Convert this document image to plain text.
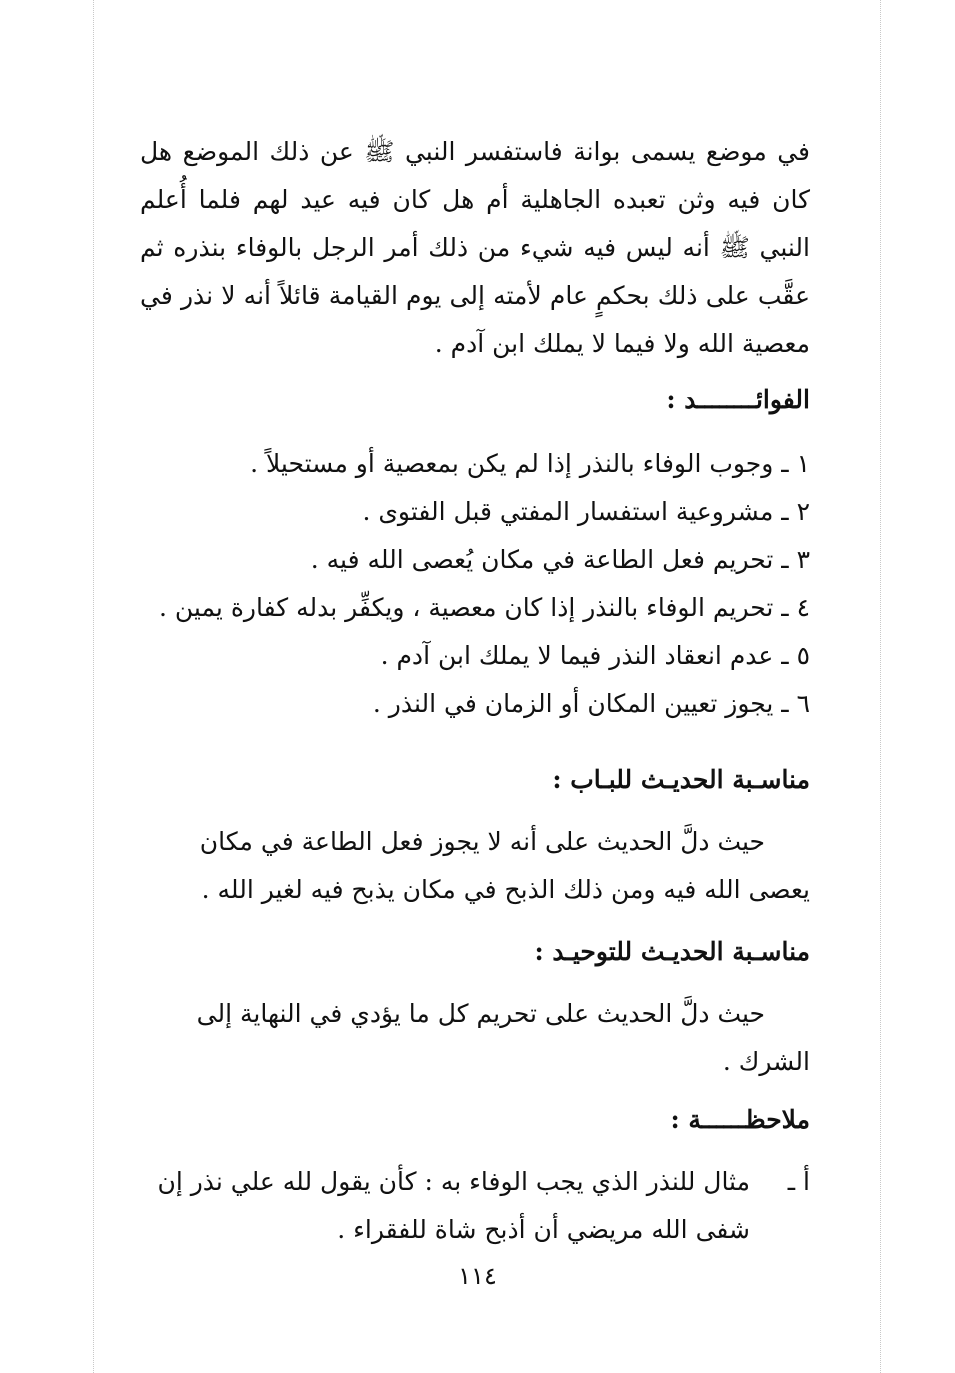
في موضع يسمى بوانة فاستفسر النبي ﷺ عن ذلك الموضع هل كان فيه وثن تعبده الجاهلية أم هل كان فيه عيد لهم فلما أُعلم النبي ﷺ أنه ليس فيه شيء من ذلك أمر الرجل بالوفاء بنذره ثم عقَّب على ذلك بحكمٍ عام لأمته إلى يوم القيامة قائلاً أنه لا نذر في معصية الله ولا فيما لا يملك ابن آدم .

الفوائــــــــد :
١ ـ وجوب الوفاء بالنذر إذا لم يكن بمعصية أو مستحيلاً .
٢ ـ مشروعية استفسار المفتي قبل الفتوى .
٣ ـ تحريم فعل الطاعة في مكان يُعصى الله فيه .
٤ ـ تحريم الوفاء بالنذر إذا كان معصية ، ويكفِّر بدله كفارة يمين .
٥ ـ عدم انعقاد النذر فيما لا يملك ابن آدم .
٦ ـ يجوز تعيين المكان أو الزمان في النذر .
مناسـبة الحديـث للبـاب :

حيث دلَّ الحديث على أنه لا يجوز فعل الطاعة في مكان يعصى الله فيه ومن ذلك الذبح في مكان يذبح فيه لغير الله .

مناسـبة الحديـث للتوحيـد :

حيث دلَّ الحديث على تحريم كل ما يؤدي في النهاية إلى الشرك .

ملاحظــــــة :
أ ـ

مثال للنذر الذي يجب الوفاء به : كأن يقول لله علي نذر إن شفى الله مريضي أن أذبح شاة للفقراء .

١١٤
